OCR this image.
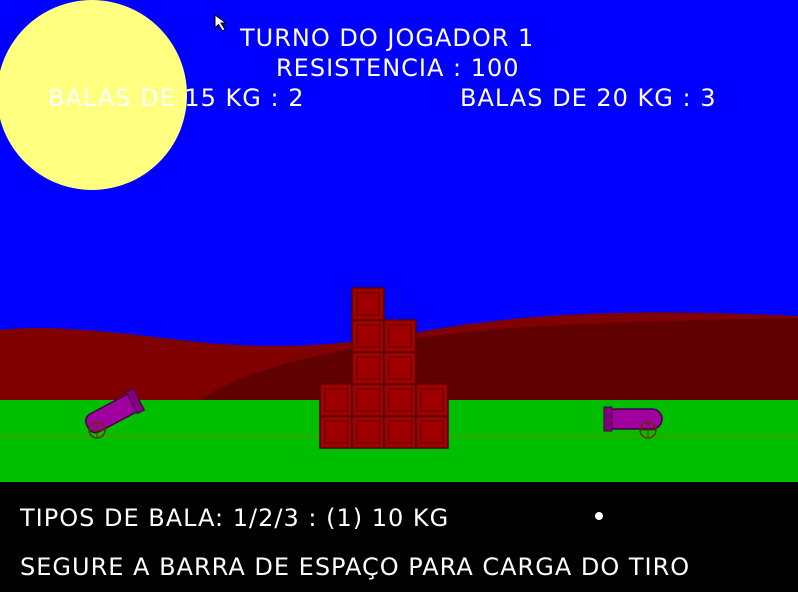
TURNO DO JOGADOR 1
RESISTENCIA : 100
BALAS DE 15 KG : 2	BALAS DE 20 KG : 3
TIPOS DE BALA: 1/2/3 : (1) 10 KG
SEGURE A BARRA DE ESPAÇO PARA CARGA DO TIRO
